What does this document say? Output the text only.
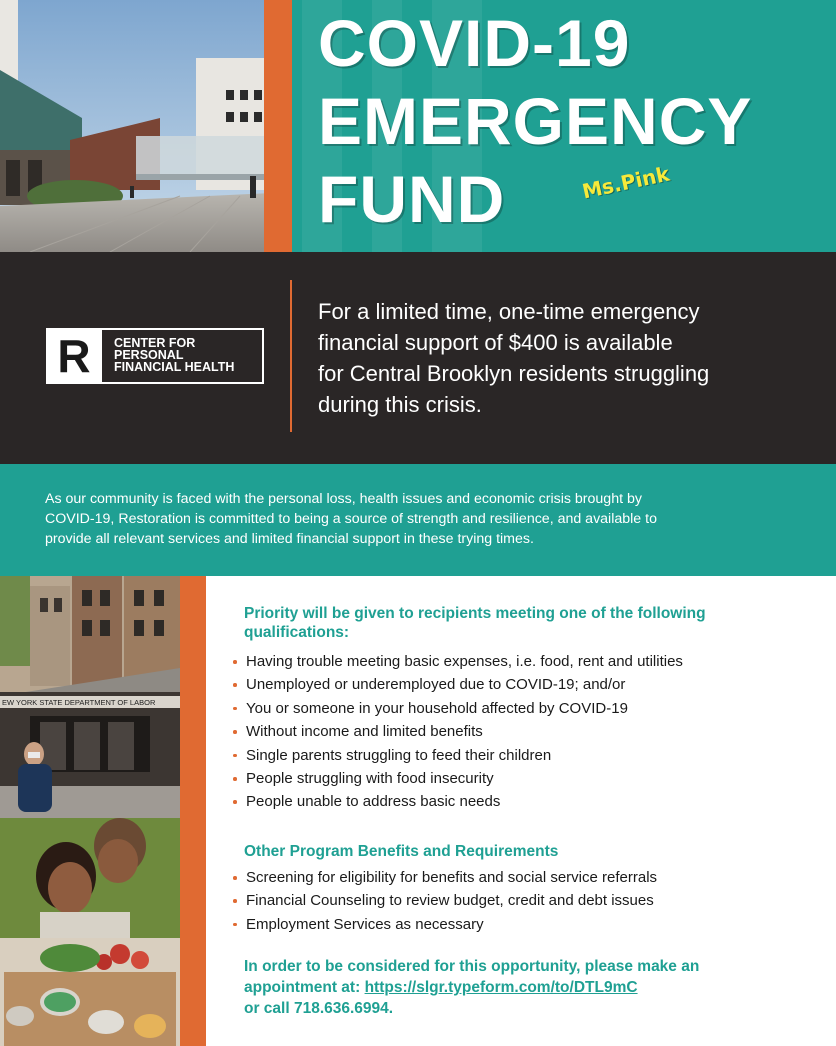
COVID-19
EMERGENCY
FUND	Ms.Pink
R	CENTER FOR
PERSONAL
FINANCIAL HEALTH
For a limited time, one-time emergency
financial support of $400 is available
for Central Brooklyn residents struggling
during this crisis.
As our community is faced with the personal loss, health issues and economic crisis brought by
COVID-19, Restoration is committed to being a source of strength and resilience, and available to
provide all relevant services and limited financial support in these trying times.
EW YORK STATE DEPARTMENT OF LABOR
Priority will be given to recipients meeting one of the following
qualifications:
Having trouble meeting basic expenses, i.e. food, rent and utilities
Unemployed or underemployed due to COVID-19; and/or
You or someone in your household affected by COVID-19
Without income and limited benefits
Single parents struggling to feed their children
People struggling with food insecurity
People unable to address basic needs
Other Program Benefits and Requirements
Screening for eligibility for benefits and social service referrals
Financial Counseling to review budget, credit and debt issues
Employment Services as necessary
In order to be considered for this opportunity, please make an
appointment at: https://slgr.typeform.com/to/DTL9mC
or call 718.636.6994.
